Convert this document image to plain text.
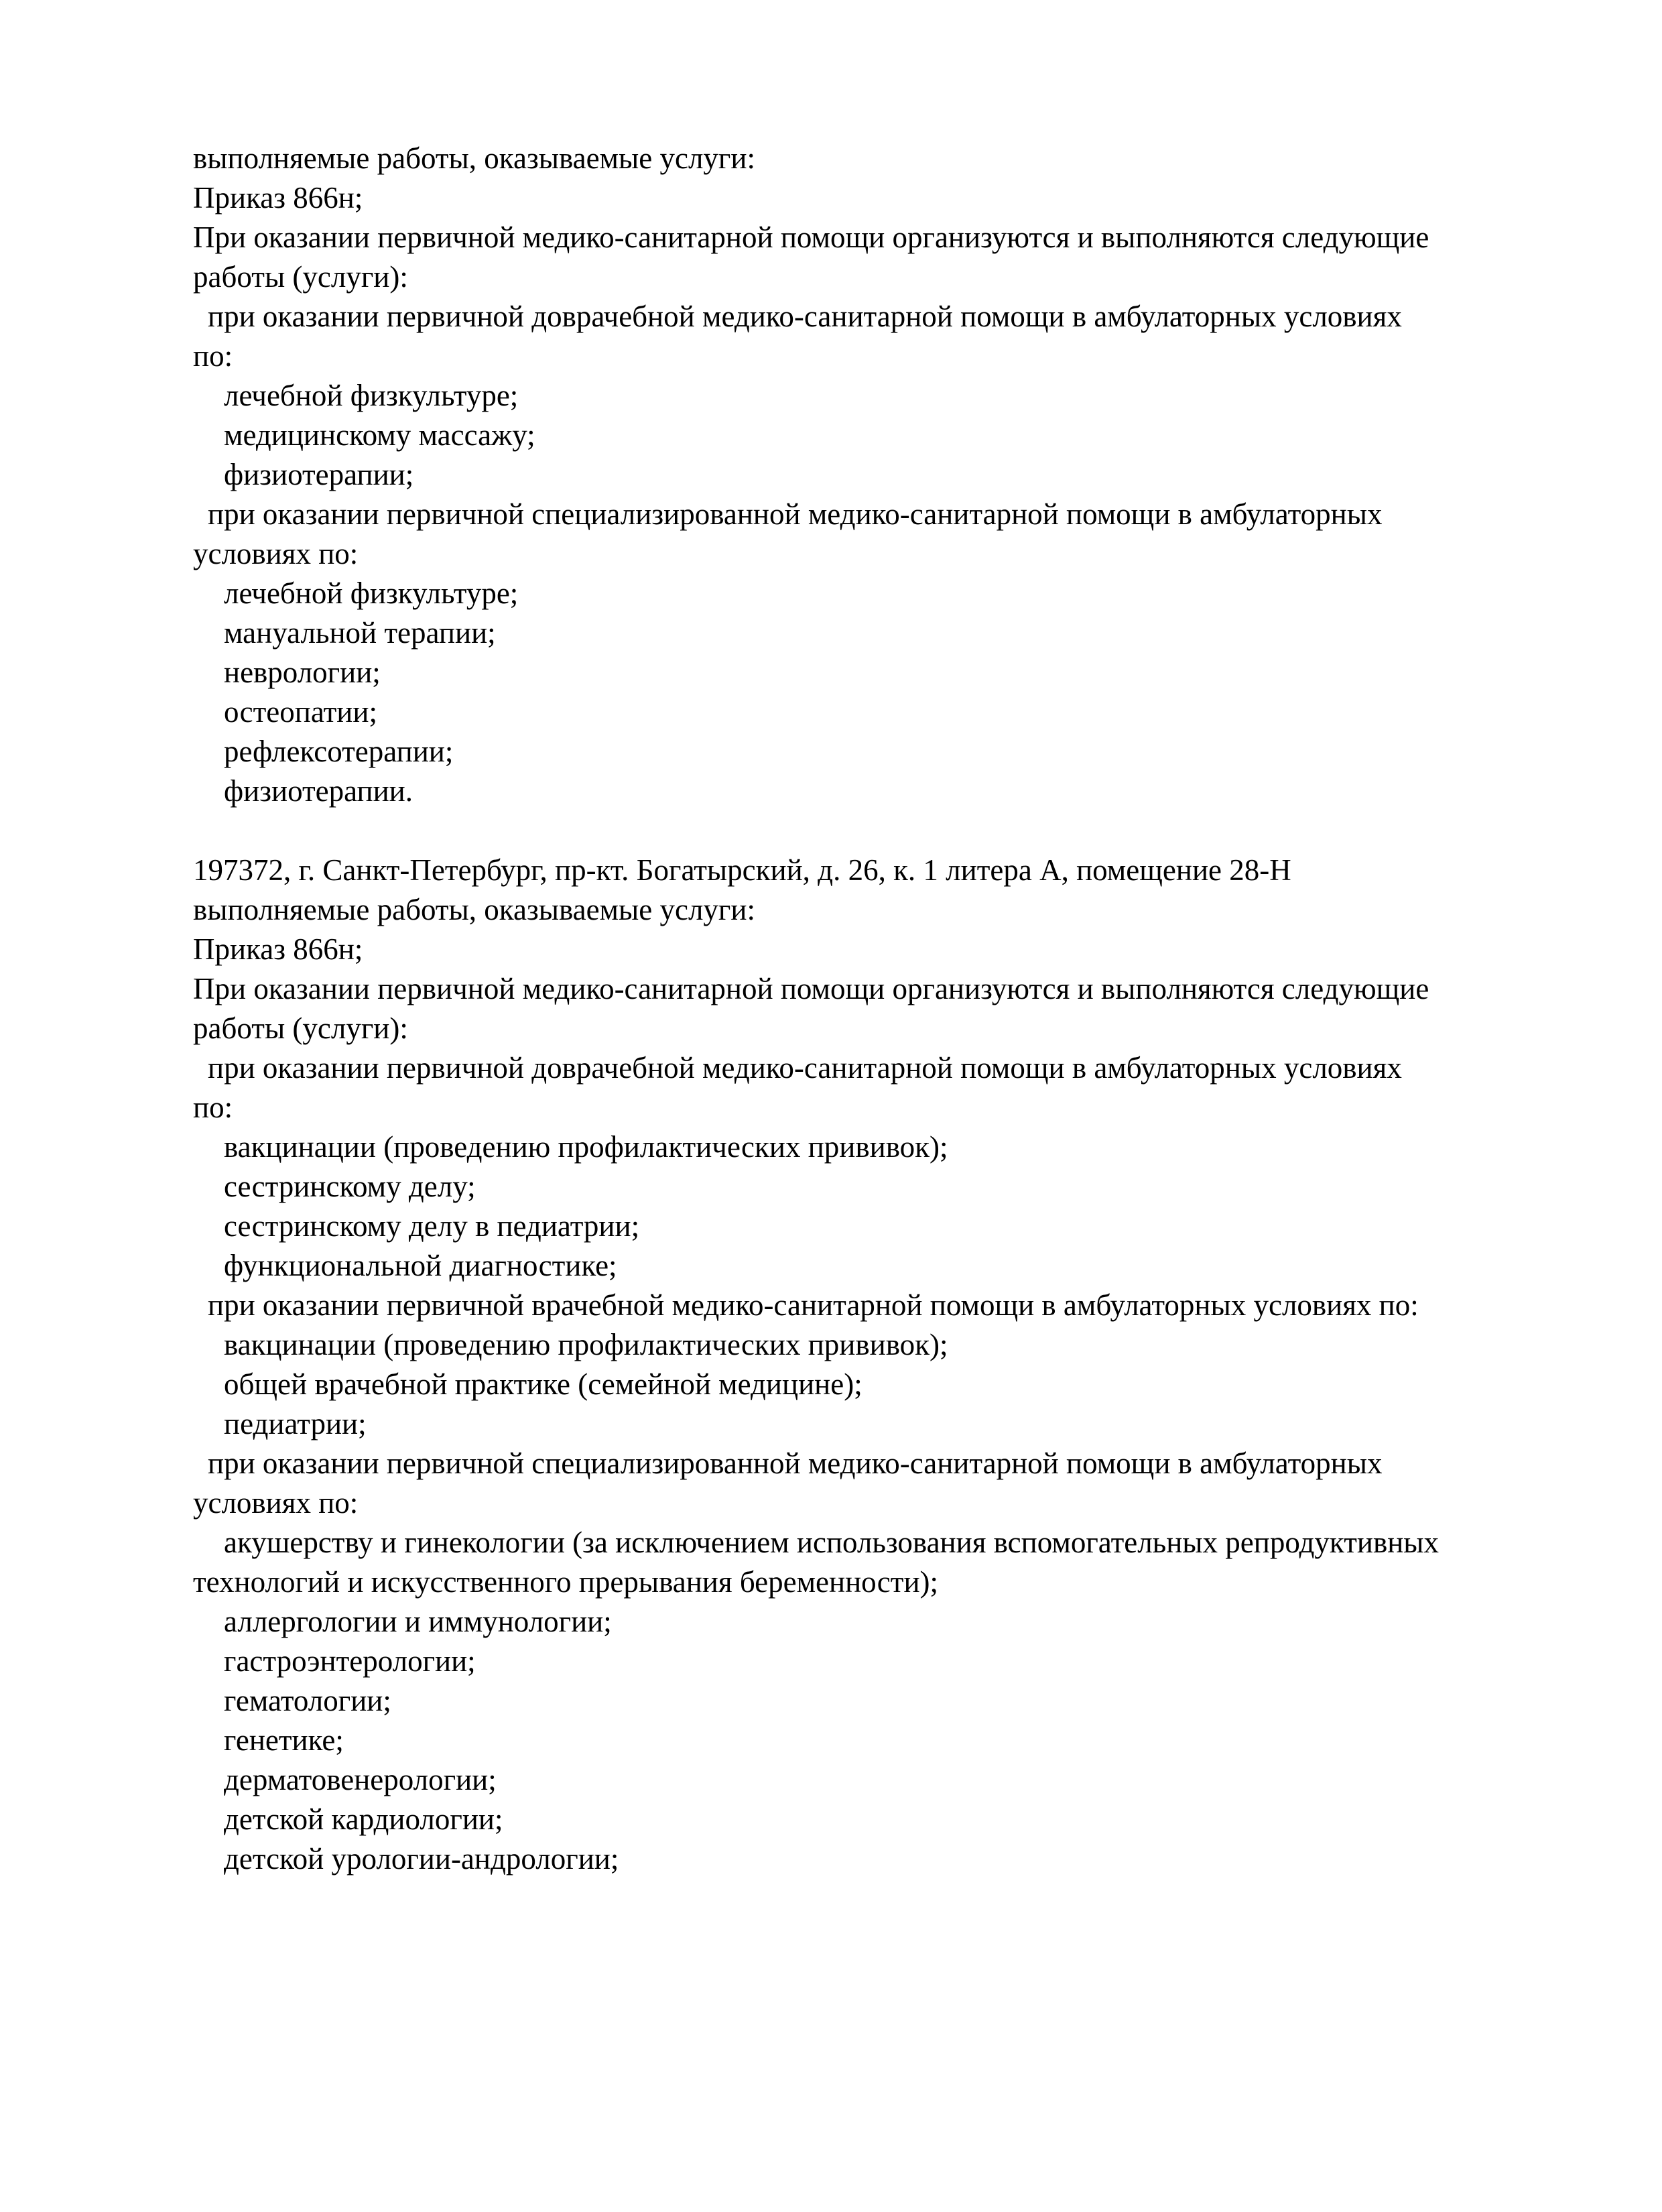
выполняемые работы, оказываемые услуги:
Приказ 866н;
При оказании первичной медико-санитарной помощи организуются и выполняются следующие
работы (услуги):
при оказании первичной доврачебной медико-санитарной помощи в амбулаторных условиях
по:
лечебной физкультуре;
медицинскому массажу;
физиотерапии;
при оказании первичной специализированной медико-санитарной помощи в амбулаторных
условиях по:
лечебной физкультуре;
мануальной терапии;
неврологии;
остеопатии;
рефлексотерапии;
физиотерапии.
197372, г. Санкт-Петербург, пр-кт. Богатырский, д. 26, к. 1 литера А, помещение 28-Н
выполняемые работы, оказываемые услуги:
Приказ 866н;
При оказании первичной медико-санитарной помощи организуются и выполняются следующие
работы (услуги):
при оказании первичной доврачебной медико-санитарной помощи в амбулаторных условиях
по:
вакцинации (проведению профилактических прививок);
сестринскому делу;
сестринскому делу в педиатрии;
функциональной диагностике;
при оказании первичной врачебной медико-санитарной помощи в амбулаторных условиях по:
вакцинации (проведению профилактических прививок);
общей врачебной практике (семейной медицине);
педиатрии;
при оказании первичной специализированной медико-санитарной помощи в амбулаторных
условиях по:
акушерству и гинекологии (за исключением использования вспомогательных репродуктивных
технологий и искусственного прерывания беременности);
аллергологии и иммунологии;
гастроэнтерологии;
гематологии;
генетике;
дерматовенерологии;
детской кардиологии;
детской урологии-андрологии;
